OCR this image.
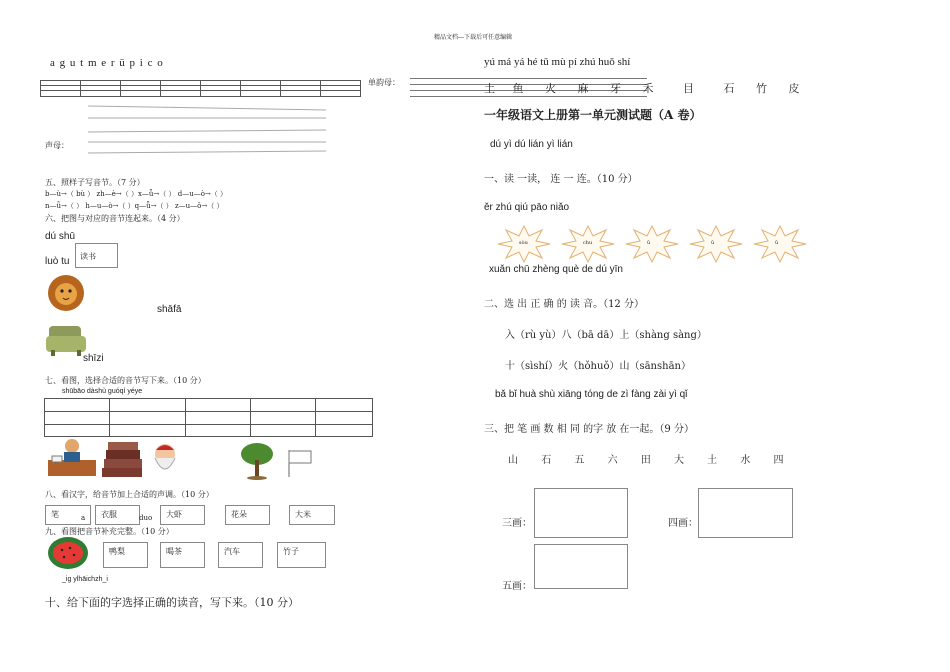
精品文档---下载后可任意编辑
a g u t m e r ü p i c o
单韵母：
声母：
五、照样子写音节。（7 分）
b—ù→（ bù ） zh—è→（ ）x—ǖ→（ ） d—u—ò→（ ）
n—ǚ→（ ） h—u—ò→（ ）q—ǖ→（ ） z—u—ǒ→（ ）
六、把图与对应的音节连起来。（4 分）
dú shū
读书
luò tu
shāfā
shīzi
七、看图，选择合适的音节写下来。（10 分）
shūbāo dàshù guóqí yéye
八、看汉字，给音节加上合适的声调。（10 分）
笔	a 衣服	duo 大虾	花朵	大米
九、看图把音节补充完整。（10 分）
鸭梨	喝茶	汽车	竹子
_ig ylhāichzh_i
十、给下面的字选择正确的读音，写下来。（10 分）
yú má yá hé tǔ mù pí zhú huǒ shí
土 鱼 火 麻 牙 禾	目	石 竹 皮
一年级语文上册第一单元测试题（A 卷）
dú yì dú lián yì lián
一、读 一读， 连 一 连。（10 分）
ěr zhú qiú pāo niǎo
sòu	chu	ǔ	ǔ	ǔ
xuǎn chū zhèng què de dú yīn
二、选 出 正 确 的 读 音。（12 分）
入（rù yù）八（bā dā）上（shàng sàng）
十（sìshí）火（hǒhuǒ）山（sānshān）
bǎ bǐ huà shù xiāng tóng de zì fàng zài yì qǐ
三、把 笔 画 数 相 同 的字 放 在一起。（9 分）
山 石 五 六 田 大 土 水 四
三画：	四画：
五画：
